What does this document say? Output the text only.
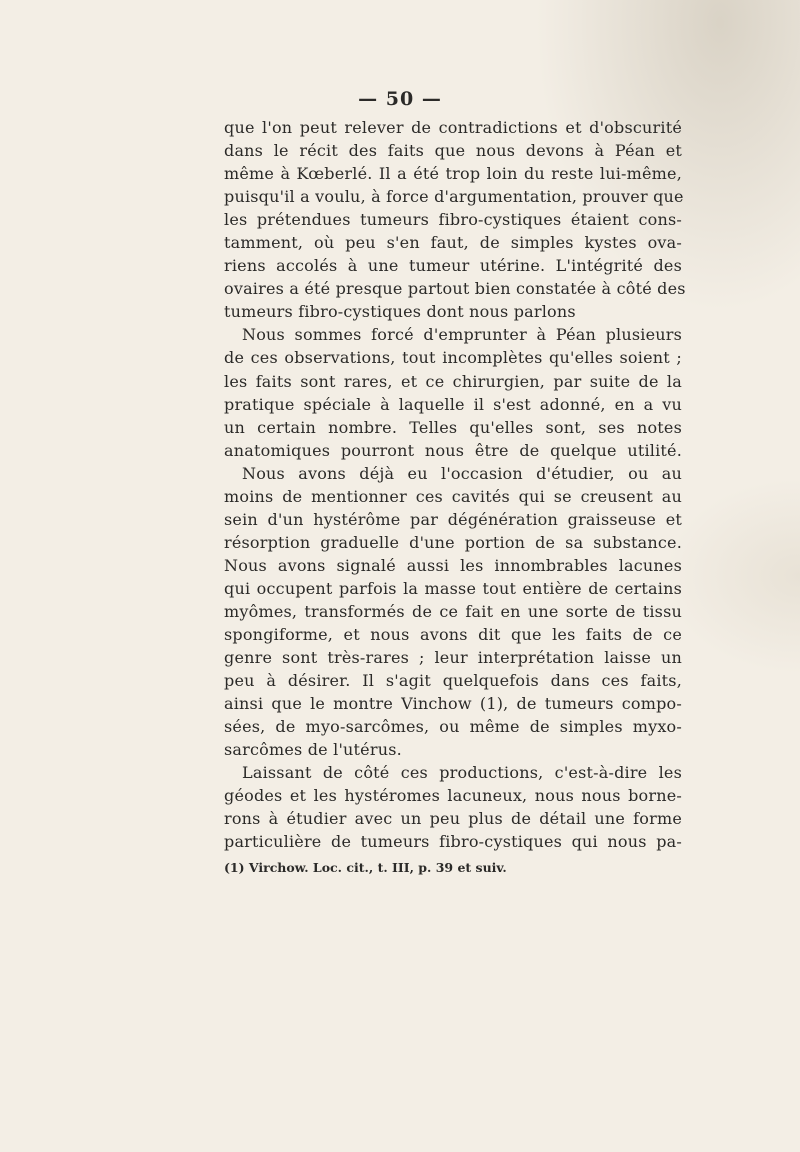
— 50 —
que l'on peut relever de contradictions et d'obscurité
dans le récit des faits que nous devons à Péan et
même à Kœberlé. Il a été trop loin du reste lui-même,
puisqu'il a voulu, à force d'argumentation, prouver que
les prétendues tumeurs fibro-cystiques étaient cons-
tamment, où peu s'en faut, de simples kystes ova-
riens accolés à une tumeur utérine. L'intégrité des
ovaires a été presque partout bien constatée à côté des
tumeurs fibro-cystiques dont nous parlons
Nous sommes forcé d'emprunter à Péan plusieurs
de ces observations, tout incomplètes qu'elles soient ;
les faits sont rares, et ce chirurgien, par suite de la
pratique spéciale à laquelle il s'est adonné, en a vu
un certain nombre. Telles qu'elles sont, ses notes
anatomiques pourront nous être de quelque utilité.
Nous avons déjà eu l'occasion d'étudier, ou au
moins de mentionner ces cavités qui se creusent au
sein d'un hystérôme par dégénération graisseuse et
résorption graduelle d'une portion de sa substance.
Nous avons signalé aussi les innombrables lacunes
qui occupent parfois la masse tout entière de certains
myômes, transformés de ce fait en une sorte de tissu
spongiforme, et nous avons dit que les faits de ce
genre sont très-rares ; leur interprétation laisse un
peu à désirer. Il s'agit quelquefois dans ces faits,
ainsi que le montre Vinchow (1), de tumeurs compo-
sées, de myo-sarcômes, ou même de simples myxo-
sarcômes de l'utérus.
Laissant de côté ces productions, c'est-à-dire les
géodes et les hystéromes lacuneux, nous nous borne-
rons à étudier avec un peu plus de détail une forme
particulière de tumeurs fibro-cystiques qui nous pa-
(1) Virchow. Loc. cit., t. III, p. 39 et suiv.
